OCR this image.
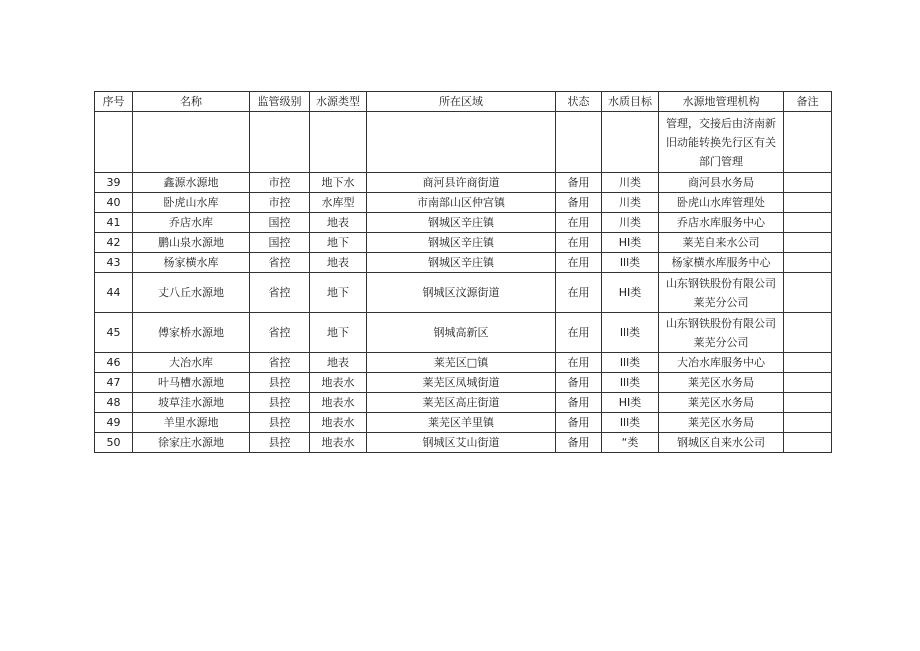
序号	名称	监管级别	水源类型	所在区域	状态	水质目标	水源地管理机构	备注
							管理，交接后由济南新旧动能转换先行区有关部门管理	
39	鑫源水源地	市控	地下水	商河县许商街道	备用	川类	商河县水务局	
40	卧虎山水库	市控	水库型	市南部山区仲宫镇	备用	川类	卧虎山水库管理处	
41	乔店水库	国控	地表	钢城区辛庄镇	在用	川类	乔店水库服务中心	
42	鹏山泉水源地	国控	地下	钢城区辛庄镇	在用	HI类	莱芜自来水公司	
43	杨家横水库	省控	地表	钢城区辛庄镇	在用	Ill类	杨家横水库服务中心	
44	丈八丘水源地	省控	地下	钢城区汶源街道	在用	HI类	山东钢铁股份有限公司莱芜分公司	
45	傅家桥水源地	省控	地下	钢城高新区	在用	Ill类	山东钢铁股份有限公司莱芜分公司	
46	大冶水库	省控	地表	莱芜区□镇	在用	Ill类	大冶水库服务中心	
47	叶马槽水源地	县控	地表水	莱芜区凤城街道	备用	Ill类	莱芜区水务局	
48	坡草洼水源地	县控	地表水	莱芜区高庄街道	备用	HI类	莱芜区水务局	
49	羊里水源地	县控	地表水	莱芜区羊里镇	备用	Ill类	莱芜区水务局	
50	徐家庄水源地	县控	地表水	钢城区艾山街道	备用	“类	钢城区自来水公司	
